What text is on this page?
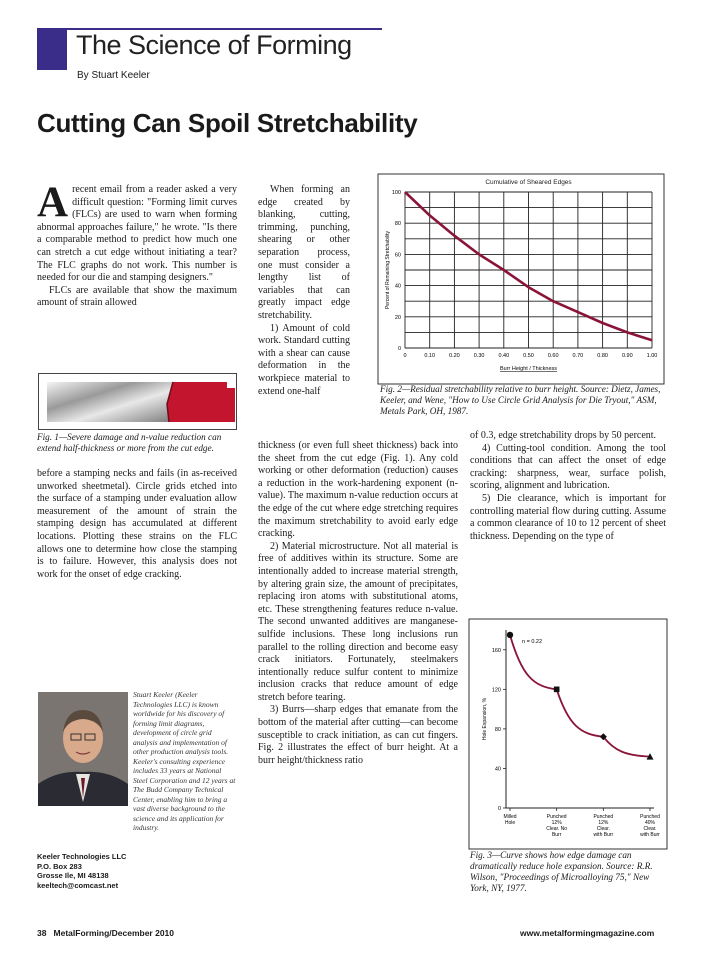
The Science of Forming
By Stuart Keeler
Cutting Can Spoil Stretchability

Arecent email from a reader asked a very difficult question: "Forming limit curves (FLCs) are used to warn when forming abnormal approaches failure," he wrote. "Is there a comparable method to predict how much one can stretch a cut edge without initiating a tear? The FLC graphs do not work. This number is needed for our die and stamping designers."

FLCs are available that show the maximum amount of strain allowed

Fig. 1—Severe damage and n-value reduction can extend half-thickness or more from the cut edge.

before a stamping necks and fails (in as-received unworked sheetmetal). Circle grids etched into the surface of a stamping under evaluation allow measurement of the amount of strain the stamping design has accumulated at different locations. Plotting these strains on the FLC allows one to determine how close the stamping is to failure. However, this analysis does not work for the onset of edge cracking.

Stuart Keeler (Keeler Technologies LLC) is known worldwide for his discovery of forming limit diagrams, development of circle grid analysis and implementation of other production analysis tools. Keeler's consulting experience includes 33 years at National Steel Corporation and 12 years at The Budd Company Technical Center, enabling him to bring a vast diverse background to the science and its application for industry.
Keeler Technologies LLC
P.O. Box 283
Grosse Ile, MI 48138
keeltech@comcast.net

When forming an edge created by blanking, cutting, trimming, punching, shearing or other separation process, one must consider a lengthy list of variables that can greatly impact edge stretchability.

1) Amount of cold work. Standard cutting with a shear can cause deformation in the workpiece material to extend one-half

thickness (or even full sheet thickness) back into the sheet from the cut edge (Fig. 1). Any cold working or other deformation (reduction) causes a reduction in the work-hardening exponent (n-value). The maximum n-value reduction occurs at the edge of the cut where edge stretching requires the maximum stretchability to avoid early edge cracking.

2) Material microstructure. Not all material is free of additives within its structure. Some are intentionally added to increase material strength, by altering grain size, the amount of precipitates, replacing iron atoms with substitutional atoms, etc. These strengthening features reduce n-value. The second unwanted additives are manganese-sulfide inclusions. These long inclusions run parallel to the rolling direction and become easy crack initiators. Fortunately, steelmakers intentionally reduce sulfur content to minimize inclusion cracks that reduce amount of edge stretch before tearing.

3) Burrs—sharp edges that emanate from the bottom of the material after cutting—can become susceptible to crack initiation, as can cut fingers. Fig. 2 illustrates the effect of burr height. At a burr height/thickness ratio

Cumulative of Sheared Edges
0	0.10	0.20	0.30	0.40	0.50	0.60	0.70	0.80	0.90	1.00
0
20
40
60
80
100
Percent of Remaining Stretchability
Burr Height / Thickness
Fig. 2—Residual stretchability relative to burr height. Source: Dietz, James, Keeler, and Wene, "How to Use Circle Grid Analysis for Die Tryout," ASM, Metals Park, OH, 1987.

of 0.3, edge stretchability drops by 50 percent.

4) Cutting-tool condition. Among the tool conditions that can affect the onset of edge cracking: sharpness, wear, surface polish, scoring, alignment and lubrication.

5) Die clearance, which is important for controlling material flow during cutting. Assume a common clearance of 10 to 12 percent of sheet thickness. Depending on the type of

0
40
80
120
160
Hole Expansion, %
n = 0.22
Milled Hole
Punched 12% Clear. No Burr
Punched 12% Clear. with Burr
Punched 40% Clear. with Burr
Fig. 3—Curve shows how edge damage can dramatically reduce hole expansion. Source: R.R. Wilson, "Proceedings of Microalloying 75," New York, NY, 1977.
38   MetalForming/December 2010	www.metalformingmagazine.com
